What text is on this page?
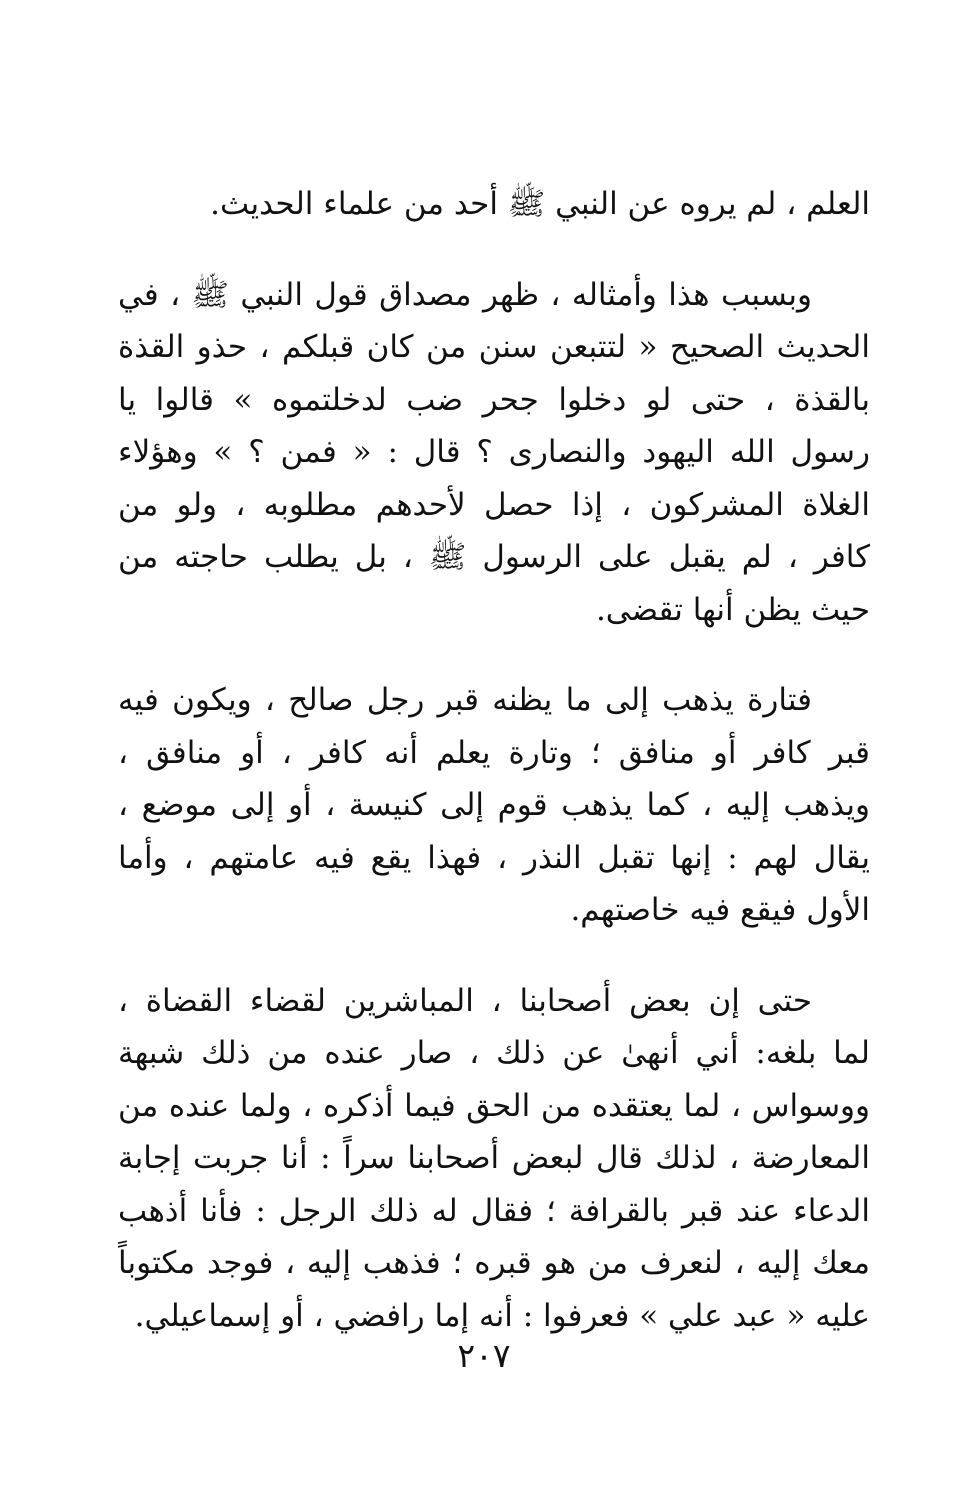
العلم ، لم يروه عن النبي ﷺ أحد من علماء الحديث.
وبسبب هذا وأمثاله ، ظهر مصداق قول النبي ﷺ ، في
الحديث الصحيح « لتتبعن سنن من كان قبلكم ، حذو القذة
بالقذة ، حتى لو دخلوا جحر ضب لدخلتموه » قالوا يا
رسول الله اليهود والنصارى ؟ قال : « فمن ؟ » وهؤلاء
الغلاة المشركون ، إذا حصل لأحدهم مطلوبه ، ولو من
كافر ، لم يقبل على الرسول ﷺ ، بل يطلب حاجته من
حيث يظن أنها تقضى.
فتارة يذهب إلى ما يظنه قبر رجل صالح ، ويكون فيه
قبر كافر أو منافق ؛ وتارة يعلم أنه كافر ، أو منافق ،
ويذهب إليه ، كما يذهب قوم إلى كنيسة ، أو إلى موضع ،
يقال لهم : إنها تقبل النذر ، فهذا يقع فيه عامتهم ، وأما
الأول فيقع فيه خاصتهم.
حتى إن بعض أصحابنا ، المباشرين لقضاء القضاة ،
لما بلغه: أني أنهىٰ عن ذلك ، صار عنده من ذلك شبهة
ووسواس ، لما يعتقده من الحق فيما أذكره ، ولما عنده من
المعارضة ، لذلك قال لبعض أصحابنا سراً : أنا جربت إجابة
الدعاء عند قبر بالقرافة ؛ فقال له ذلك الرجل : فأنا أذهب
معك إليه ، لنعرف من هو قبره ؛ فذهب إليه ، فوجد مكتوباً
عليه « عبد علي » فعرفوا : أنه إما رافضي ، أو إسماعيلي.
٢٠٧
